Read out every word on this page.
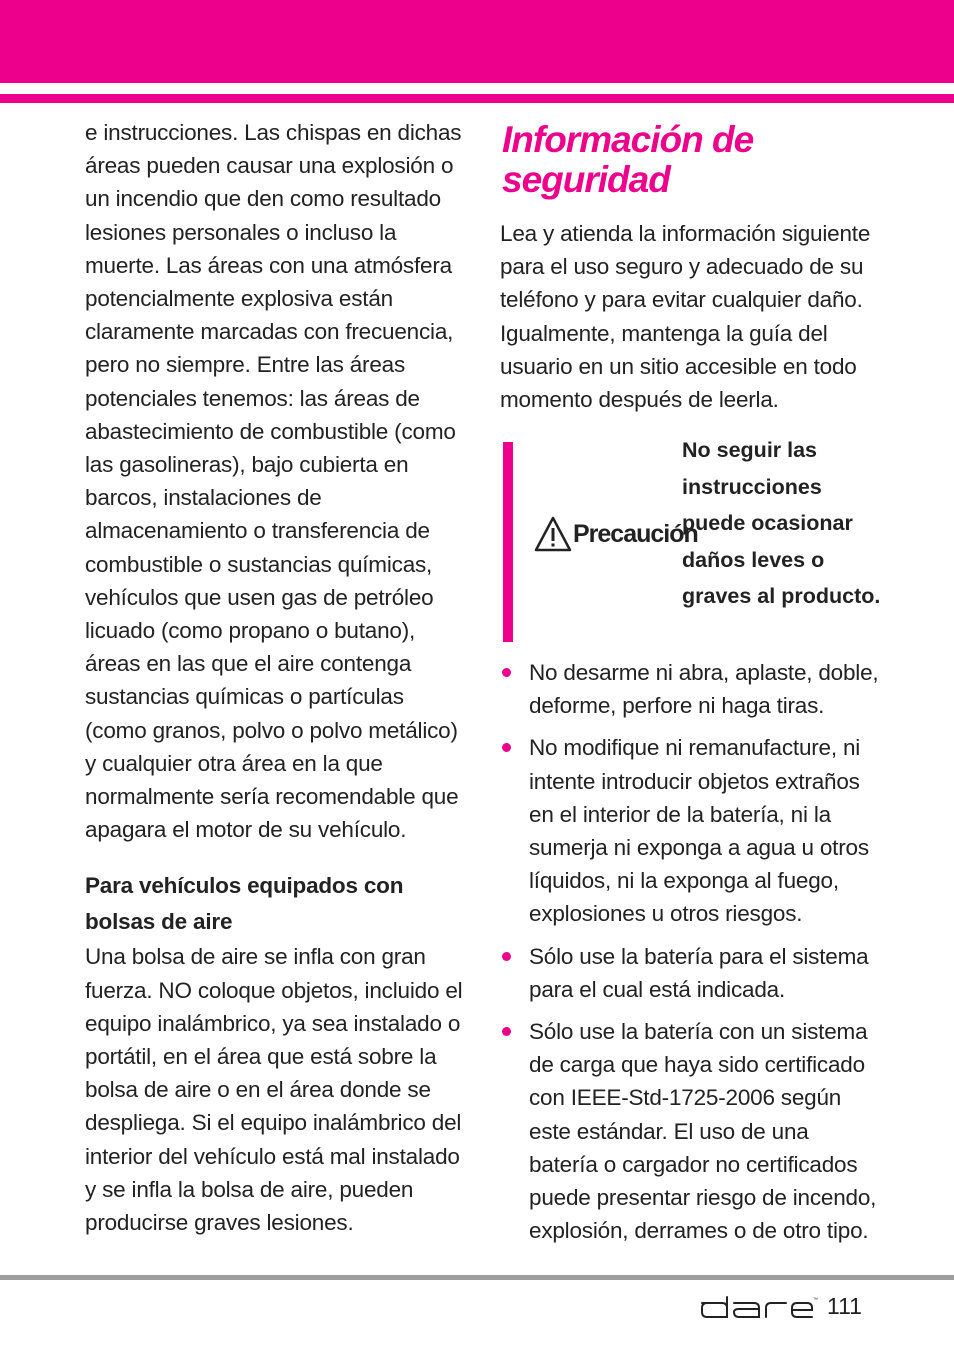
e instrucciones. Las chispas en dichas áreas pueden causar una explosión o un incendio que den como resultado lesiones personales o incluso la muerte. Las áreas con una atmósfera potencialmente explosiva están claramente marcadas con frecuencia, pero no siempre. Entre las áreas potenciales tenemos: las áreas de abastecimiento de combustible (como las gasolineras), bajo cubierta en barcos, instalaciones de almacenamiento o transferencia de combustible o sustancias químicas, vehículos que usen gas de petróleo licuado (como propano o butano), áreas en las que el aire contenga sustancias químicas o partículas (como granos, polvo o polvo metálico) y cualquier otra área en la que normalmente sería recomendable que apagara el motor de su vehículo.

Para vehículos equipados con bolsas de aire

Una bolsa de aire se infla con gran fuerza. NO coloque objetos, incluido el equipo inalámbrico, ya sea instalado o portátil, en el área que está sobre la bolsa de aire o en el área donde se despliega. Si el equipo inalámbrico del interior del vehículo está mal instalado y se infla la bolsa de aire, pueden producirse graves lesiones.

Información de seguridad

Lea y atienda la información siguiente para el uso seguro y adecuado de su teléfono y para evitar cualquier daño. Igualmente, mantenga la guía del usuario en un sitio accesible en todo momento después de leerla.

Precaución
No seguir las instrucciones puede ocasionar daños leves o graves al producto.
No desarme ni abra, aplaste, doble, deforme, perfore ni haga tiras.
No modifique ni remanufacture, ni intente introducir objetos extraños en el interior de la batería, ni la sumerja ni exponga a agua u otros líquidos, ni la exponga al fuego, explosiones u otros riesgos.
Sólo use la batería para el sistema para el cual está indicada.
Sólo use la batería con un sistema de carga que haya sido certificado con IEEE-Std-1725-2006 según este estándar. El uso de una batería o cargador no certificados puede presentar riesgo de incendo, explosión, derrames o de otro tipo.
™ 111
